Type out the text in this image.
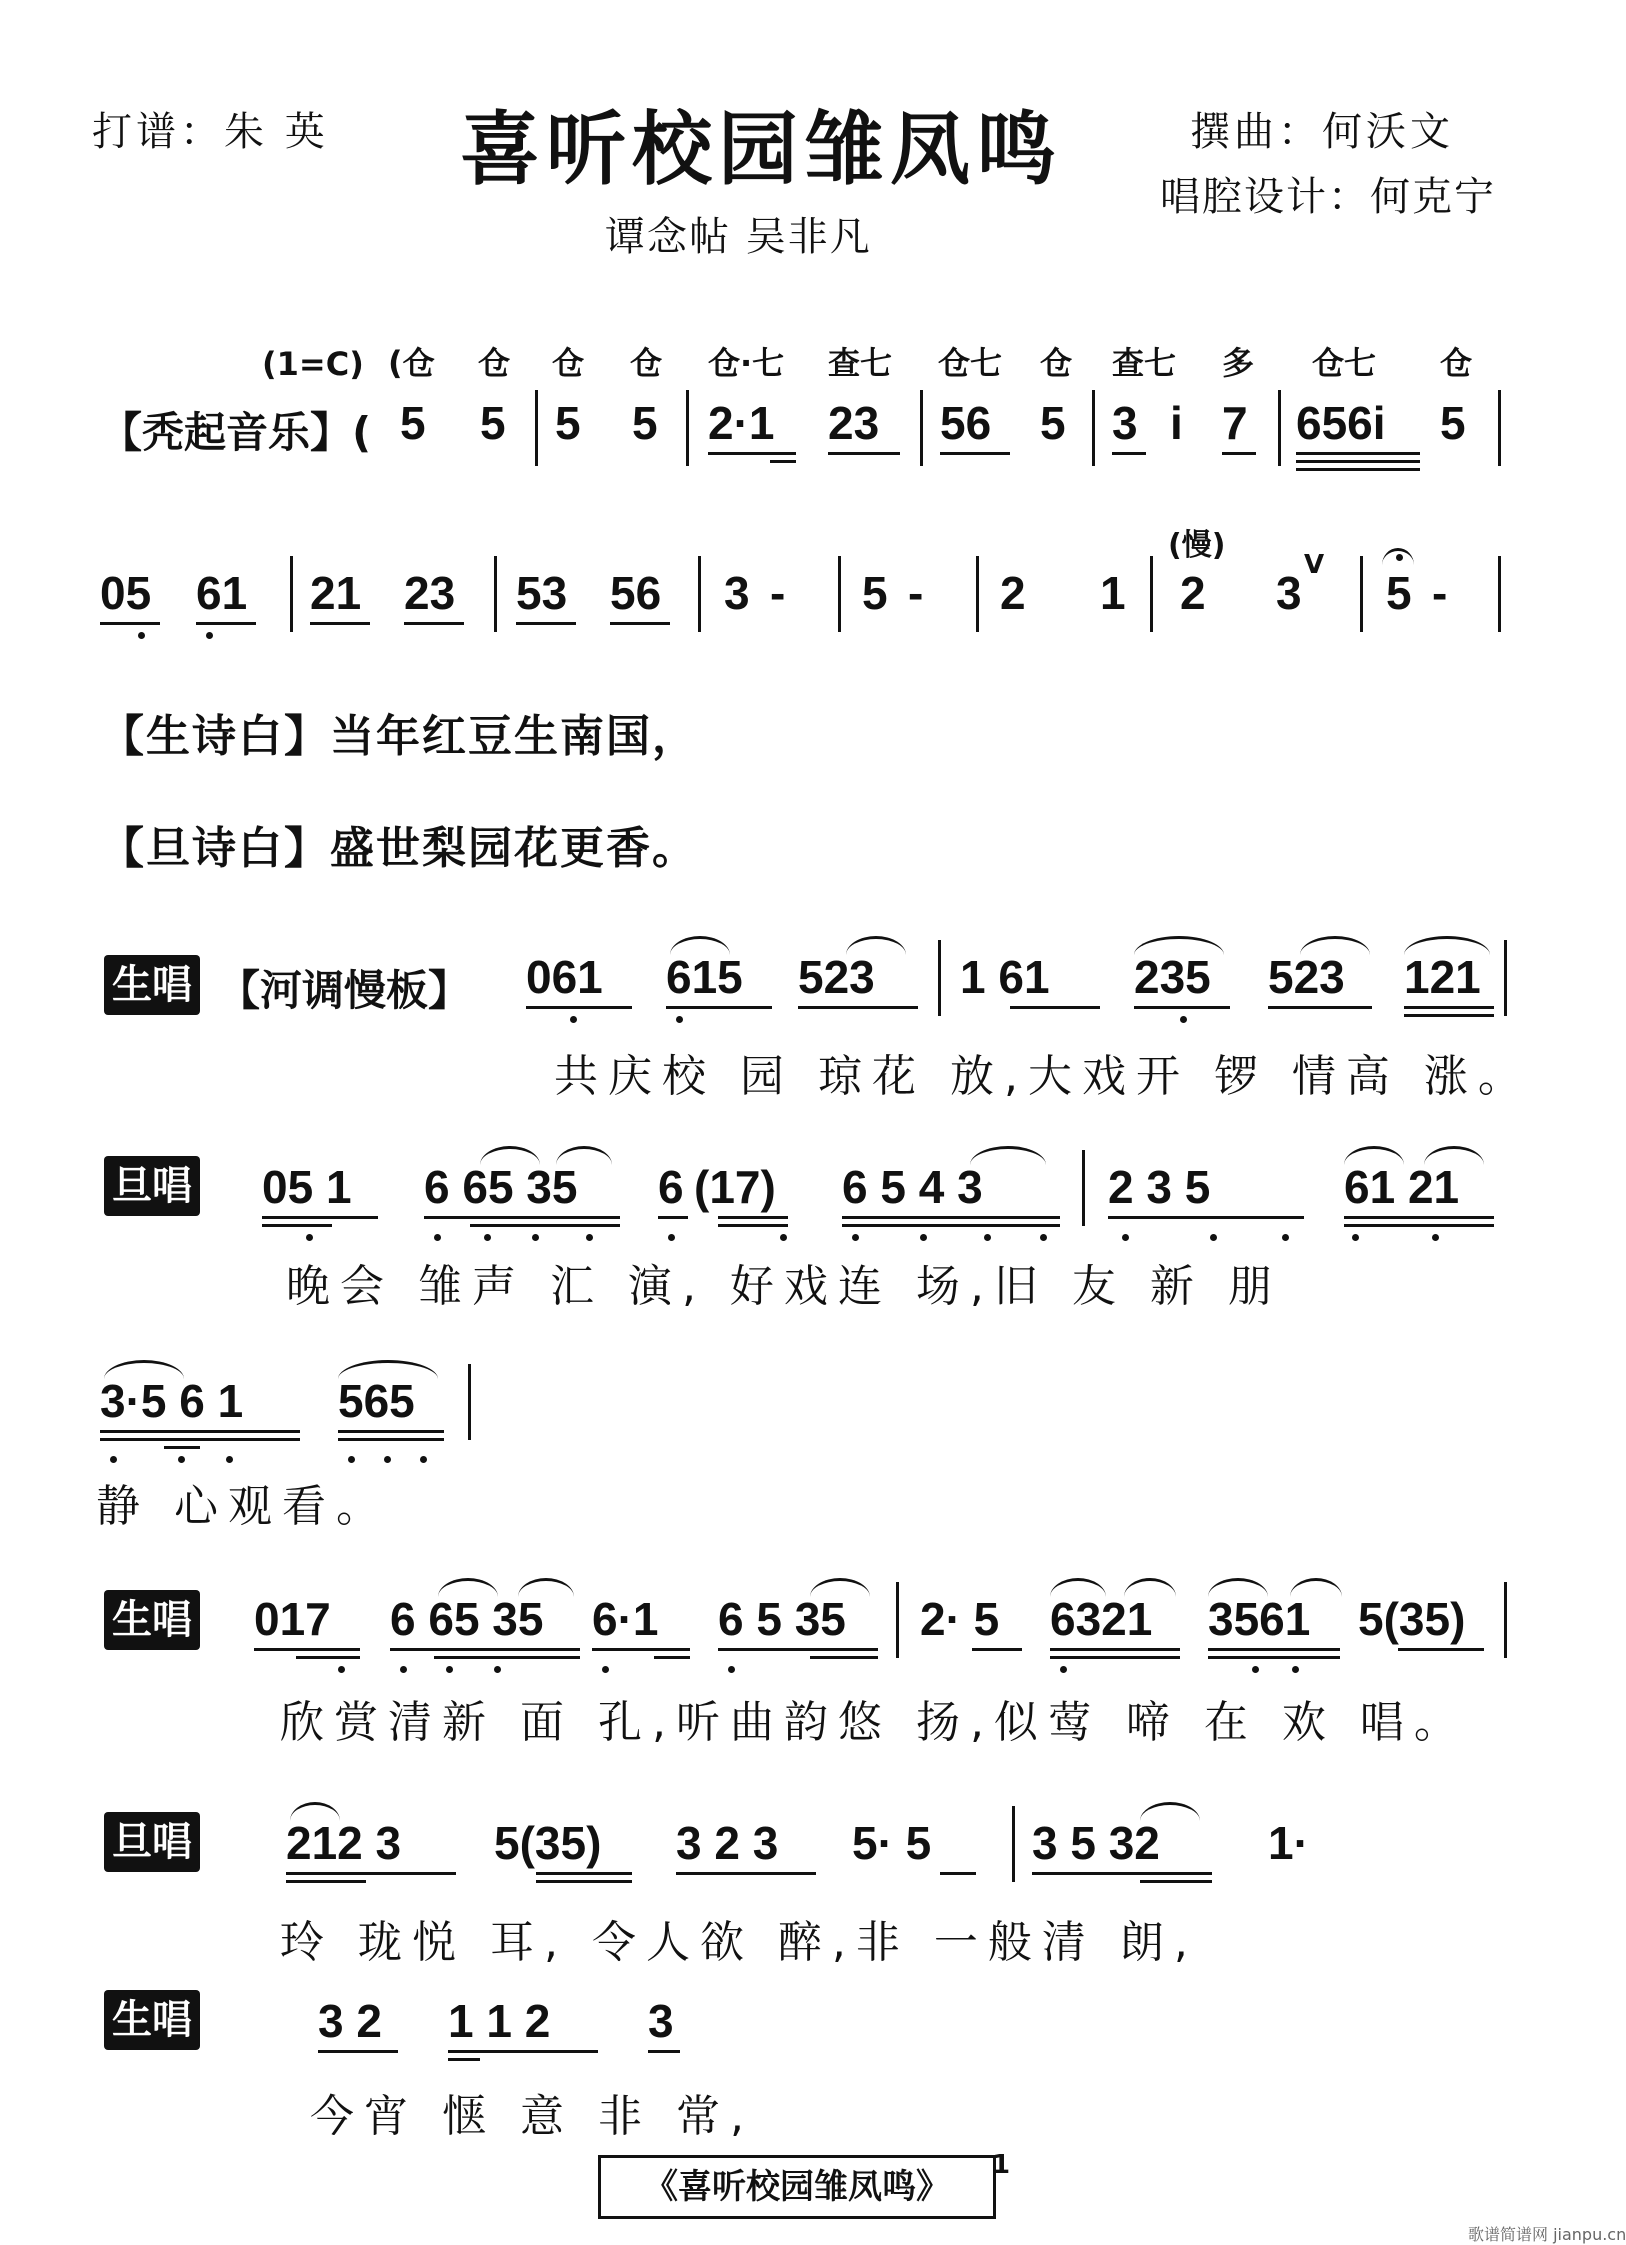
打谱：朱 英 喜听校园雏凤鸣	撰曲：何沃文
唱腔设计：何克宁
谭念帖 吴非凡
(1=C) (仓 仓 仓 仓 仓·七 查七 仓七 仓 查七 多 仓七 仓
【秃起音乐】( 5 5 5 5 2·1 23 56 5 3 i 7 656i 5
(慢)
05 61 21 23 53 56 3 - 5 - 2 1 2 3
V
5 -
【生诗白】当年红豆生南国，
【旦诗白】盛世梨园花更香。
生唱 【河调慢板】 061 615 523 1 61 235 523 121
共庆校 园 琼花 放,大戏开 锣 情高 涨。
旦唱 05 1 6 65 35 6 (17) 6 5 4 3	2 3 5	61 21
晚会 雏声 汇 演, 好戏连 场,旧 友 新 朋
3·5 6 1 565
静 心观看。
生唱 017 6 65 35 6·1 6 5 35 2· 5 6321 3561 5(35)
欣赏清新 面 孔,听曲韵悠 扬,似莺 啼 在 欢 唱。
旦唱 212 3 5(35) 3 2 3 5· 5 3 5 32 1·
玲 珑悦 耳, 令人欲 醉,非 一般清 朗,
生唱	3 2 1 1 2 3
今宵 惬 意 非 常,
《喜听校园雏凤鸣》
1
歌谱简谱网 jianpu.cn
